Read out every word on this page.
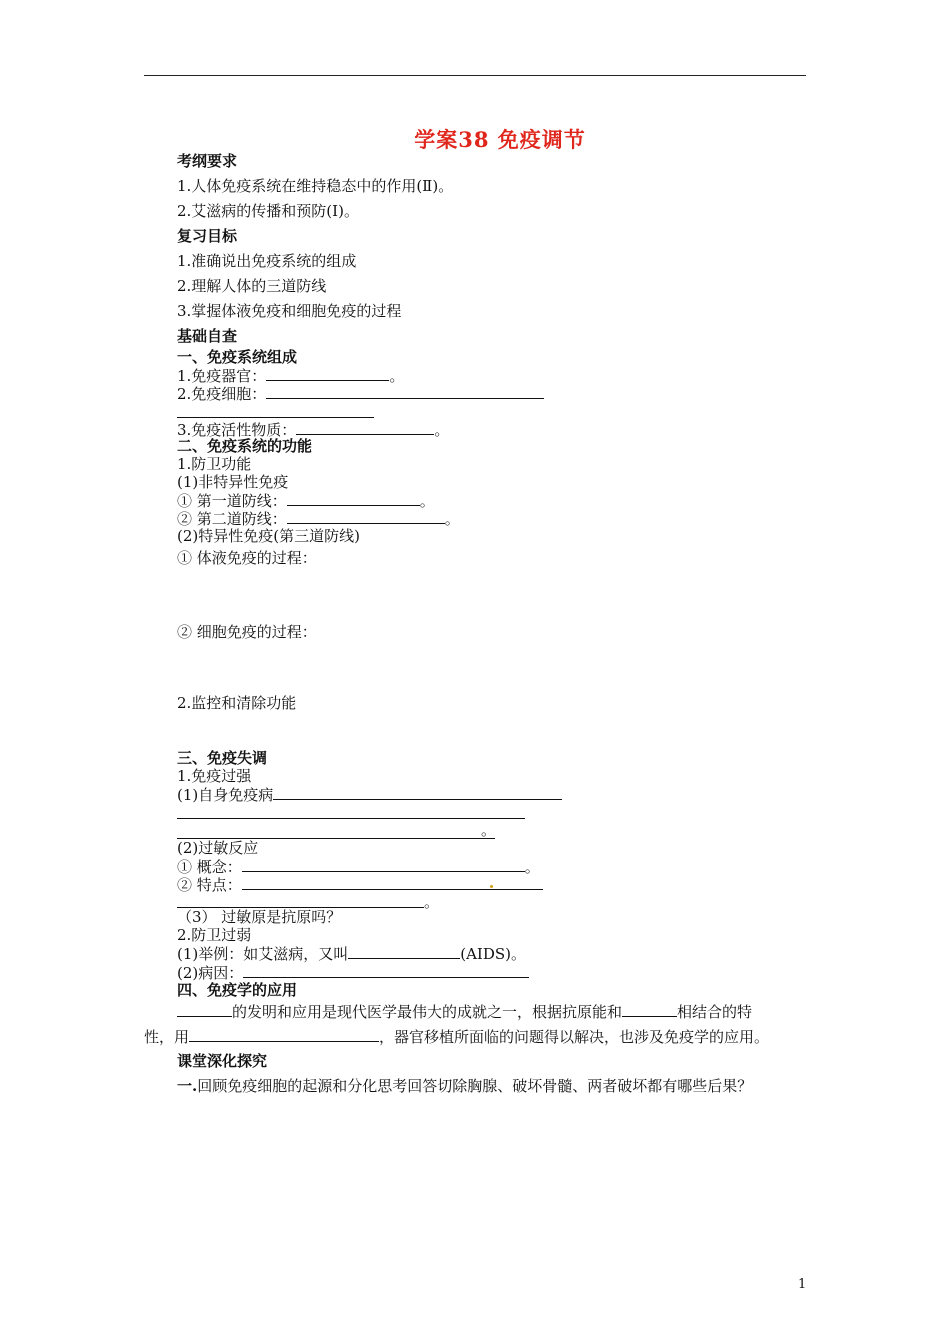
学案38 免疫调节
考纲要求
1.人体免疫系统在维持稳态中的作用(Ⅱ)。
2.艾滋病的传播和预防(Ⅰ)。
复习目标
1.准确说出免疫系统的组成
2.理解人体的三道防线
3.掌握体液免疫和细胞免疫的过程
基础自查
一、免疫系统组成
1.免疫器官：	。
2.免疫细胞：
3.免疫活性物质：	。
二、免疫系统的功能
1.防卫功能
(1)非特异性免疫
① 第一道防线：	。
② 第二道防线：	。
(2)特异性免疫(第三道防线)
① 体液免疫的过程：
② 细胞免疫的过程：
2.监控和清除功能
三、免疫失调
1.免疫过强
(1)自身免疫病
。
(2)过敏反应
① 概念：	。
② 特点：
。
（3） 过敏原是抗原吗？
2.防卫过弱
(1)举例：如艾滋病，又叫	(AIDS)。
(2)病因：
四、免疫学的应用
的发明和应用是现代医学最伟大的成就之一，根据抗原能和	相结合的特
性，用	，器官移植所面临的问题得以解决，也涉及免疫学的应用。
课堂深化探究
一.回顾免疫细胞的起源和分化思考回答切除胸腺、破坏骨髓、两者破坏都有哪些后果？
1
